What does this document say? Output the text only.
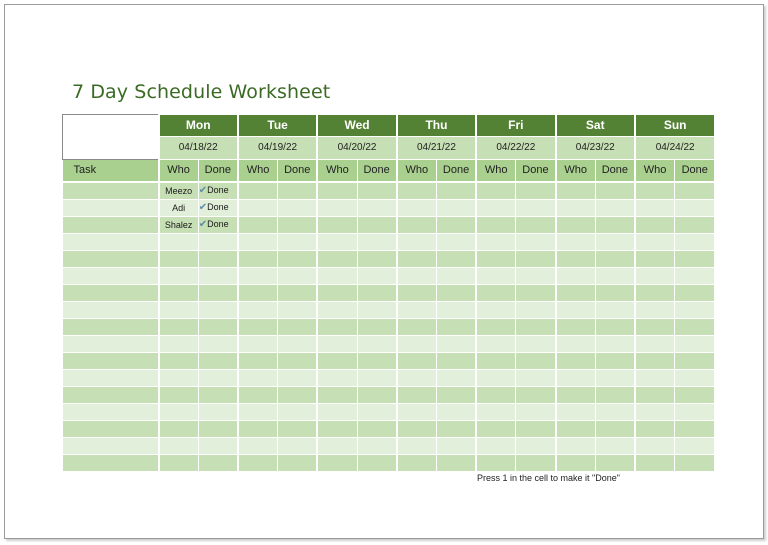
7 Day Schedule Worksheet
	Mon		Tue		Wed		Thu		Fri		Sat		Sun	
	04/18/22		04/19/22		04/20/22		04/21/22		04/22/22		04/23/22		04/24/22	
Task	Who	Done	Who	Done	Who	Done	Who	Done	Who	Done	Who	Done	Who	Done
	Meezo	✔Done												
	Adi	✔Done												
	Shalez	✔Done												

Press 1 in the cell to make it "Done"
